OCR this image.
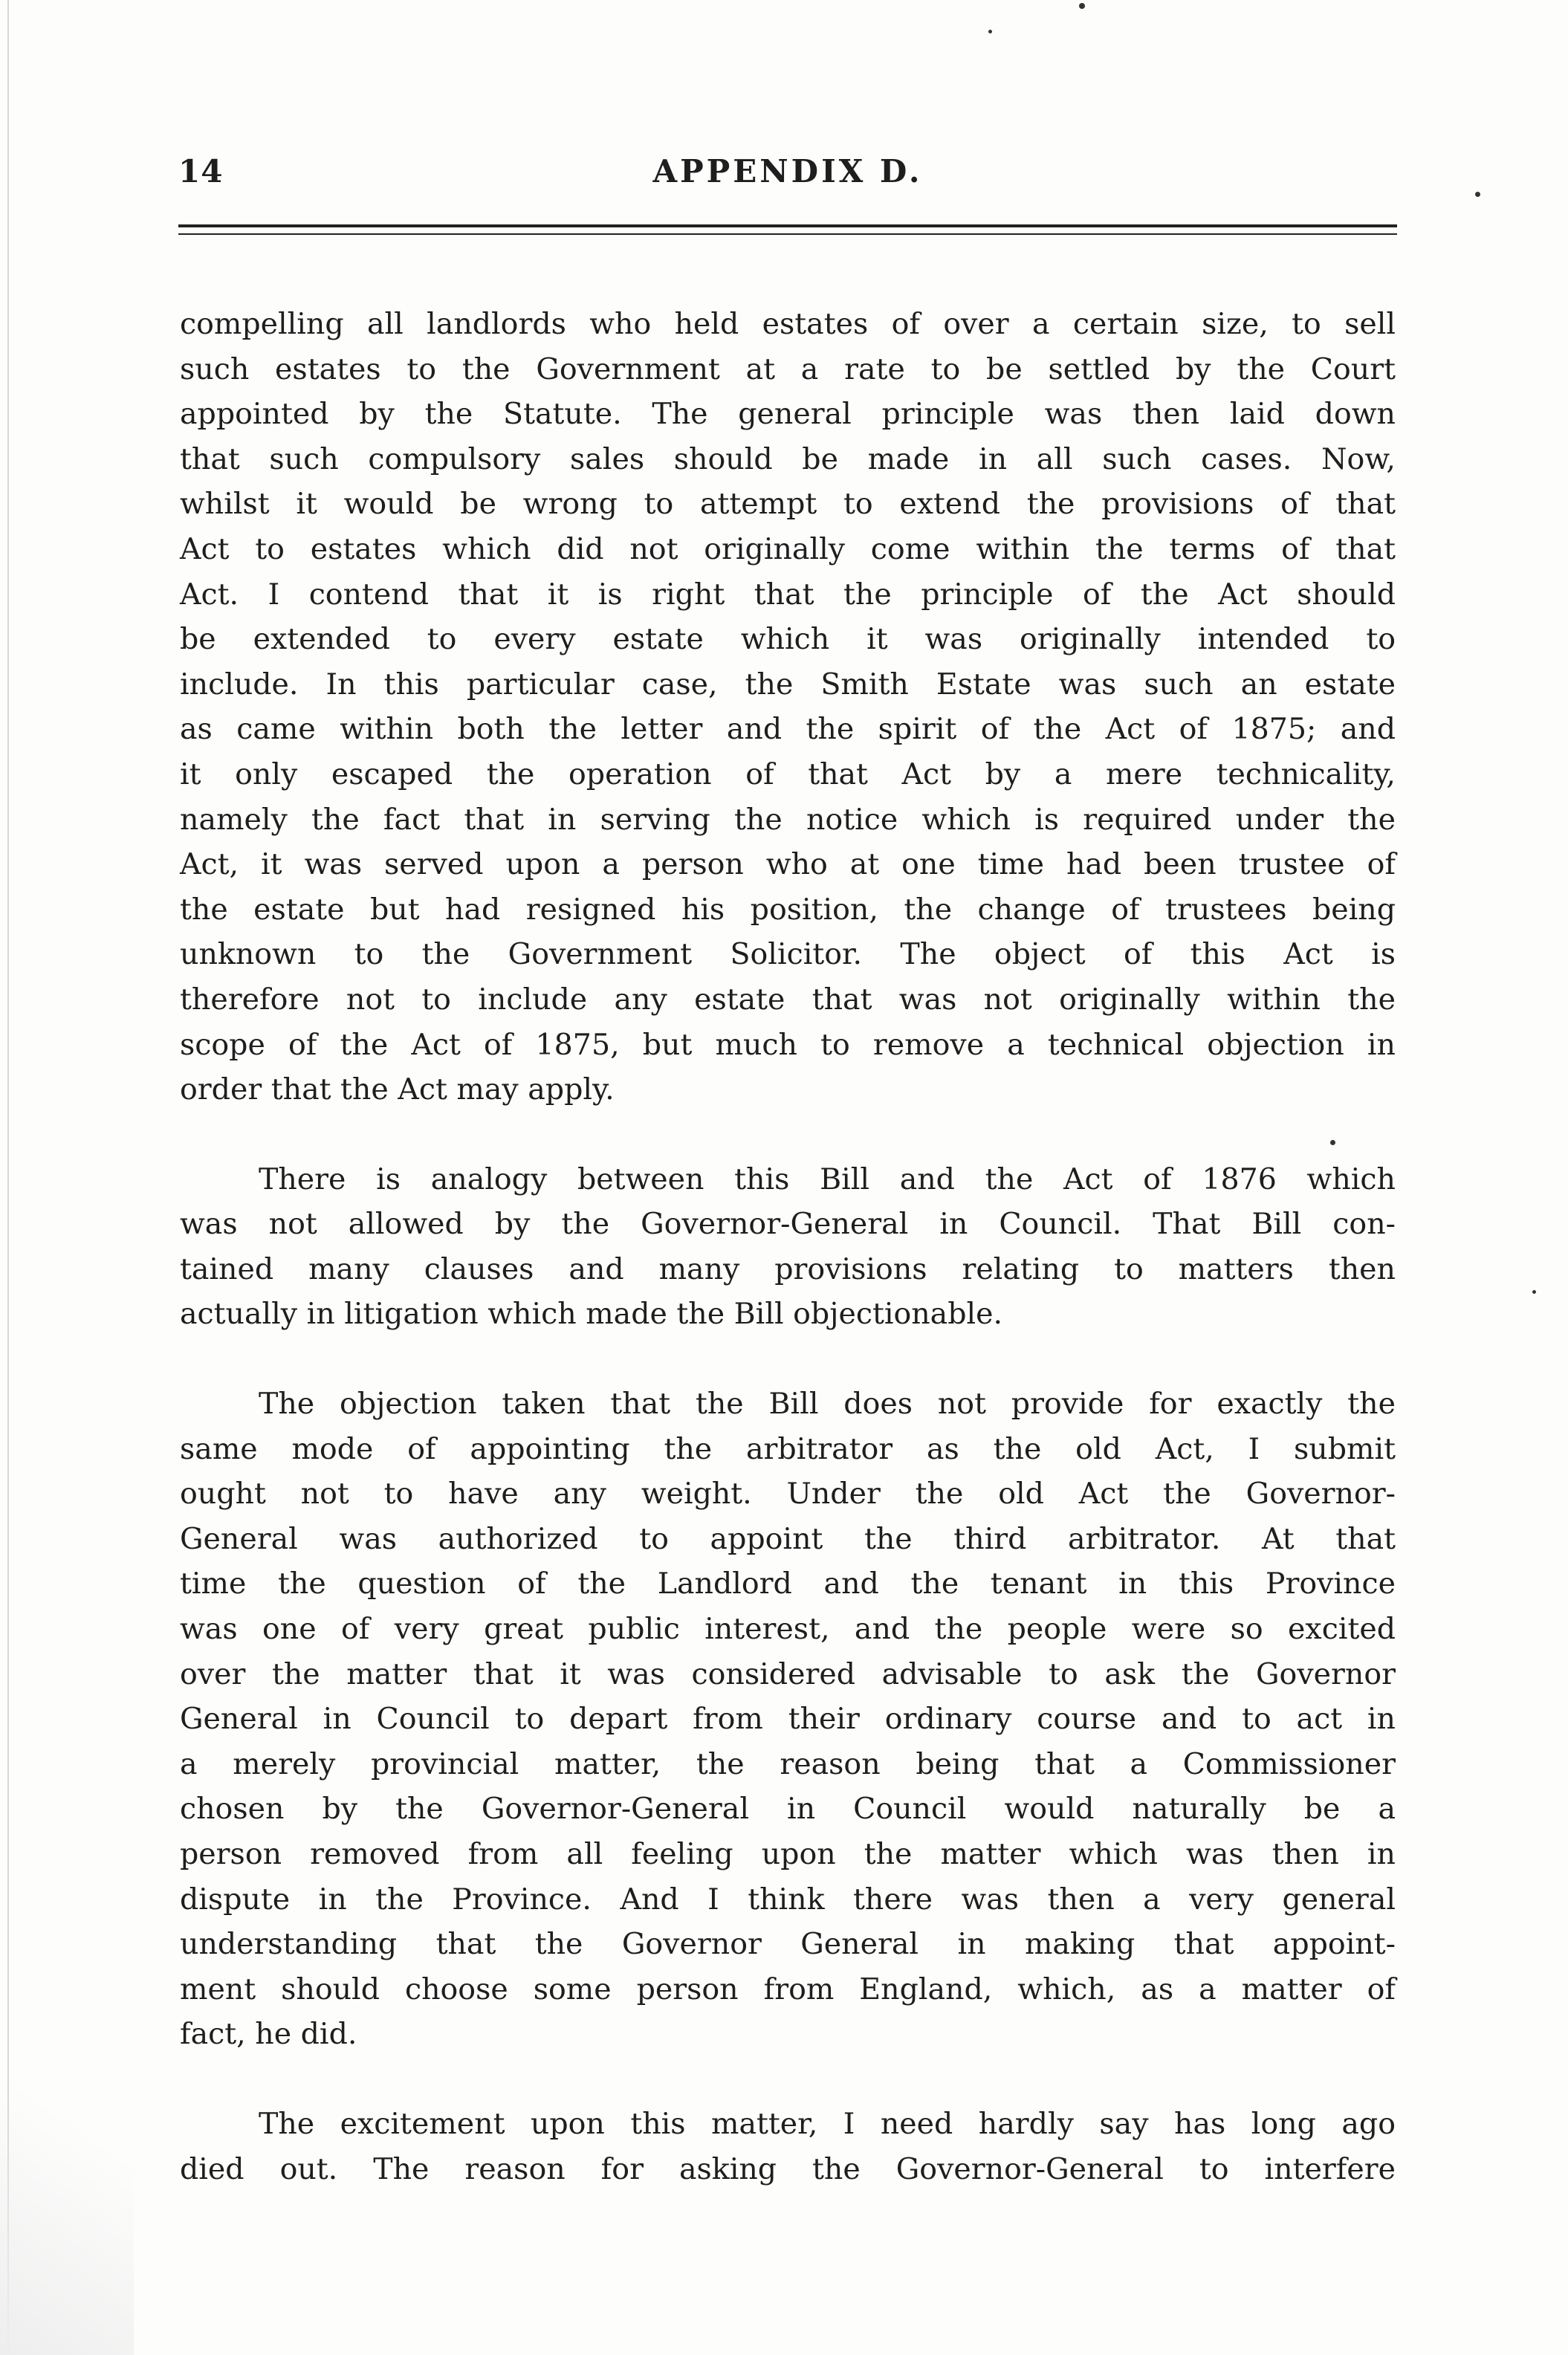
14	APPENDIX D.

compelling all landlords who held estates of over a certain size, to sell

such estates to the Government at a rate to be settled by the Court

appointed by the Statute. The general principle was then laid down

that such compulsory sales should be made in all such cases. Now,

whilst it would be wrong to attempt to extend the provisions of that

Act to estates which did not originally come within the terms of that

Act. I contend that it is right that the principle of the Act should

be extended to every estate which it was originally intended to

include. In this particular case, the Smith Estate was such an estate

as came within both the letter and the spirit of the Act of 1875; and

it only escaped the operation of that Act by a mere technicality,

namely the fact that in serving the notice which is required under the

Act, it was served upon a person who at one time had been trustee of

the estate but had resigned his position, the change of trustees being

unknown to the Government Solicitor. The object of this Act is

therefore not to include any estate that was not originally within the

scope of the Act of 1875, but much to remove a technical objection in

order that the Act may apply.

There is analogy between this Bill and the Act of 1876 which

was not allowed by the Governor-General in Council. That Bill con-

tained many clauses and many provisions relating to matters then

actually in litigation which made the Bill objectionable.

The objection taken that the Bill does not provide for exactly the

same mode of appointing the arbitrator as the old Act, I submit

ought not to have any weight. Under the old Act the Governor-

General was authorized to appoint the third arbitrator. At that

time the question of the Landlord and the tenant in this Province

was one of very great public interest, and the people were so excited

over the matter that it was considered advisable to ask the Governor

General in Council to depart from their ordinary course and to act in

a merely provincial matter, the reason being that a Commissioner

chosen by the Governor-General in Council would naturally be a

person removed from all feeling upon the matter which was then in

dispute in the Province. And I think there was then a very general

understanding that the Governor General in making that appoint-

ment should choose some person from England, which, as a matter of

fact, he did.

The excitement upon this matter, I need hardly say has long ago

died out. The reason for asking the Governor-General to interfere
